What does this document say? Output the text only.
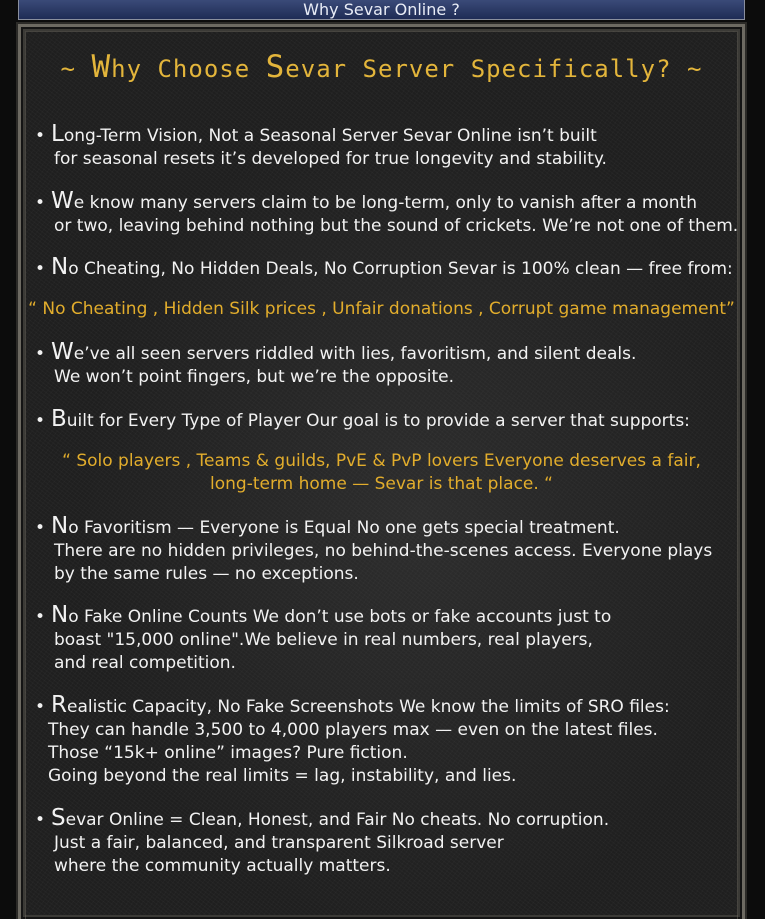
Why Sevar Online ?
~ Why Choose Sevar Server Specifically? ~
• Long-Term Vision, Not a Seasonal Server Sevar Online isn’t built
for seasonal resets it’s developed for true longevity and stability.
• We know many servers claim to be long-term, only to vanish after a month
or two, leaving behind nothing but the sound of crickets. We’re not one of them.
• No Cheating, No Hidden Deals, No Corruption Sevar is 100% clean — free from:
“ No Cheating , Hidden Silk prices , Unfair donations , Corrupt game management”
• We’ve all seen servers riddled with lies, favoritism, and silent deals.
We won’t point fingers, but we’re the opposite.
• Built for Every Type of Player Our goal is to provide a server that supports:
“ Solo players , Teams & guilds, PvE & PvP lovers Everyone deserves a fair,
long-term home — Sevar is that place. “
• No Favoritism — Everyone is Equal No one gets special treatment.
There are no hidden privileges, no behind-the-scenes access. Everyone plays
by the same rules — no exceptions.
• No Fake Online Counts We don’t use bots or fake accounts just to
boast "15,000 online".We believe in real numbers, real players,
and real competition.
• Realistic Capacity, No Fake Screenshots We know the limits of SRO files:
They can handle 3,500 to 4,000 players max — even on the latest files.
Those “15k+ online” images? Pure fiction.
Going beyond the real limits = lag, instability, and lies.
• Sevar Online = Clean, Honest, and Fair No cheats. No corruption.
Just a fair, balanced, and transparent Silkroad server
where the community actually matters.
